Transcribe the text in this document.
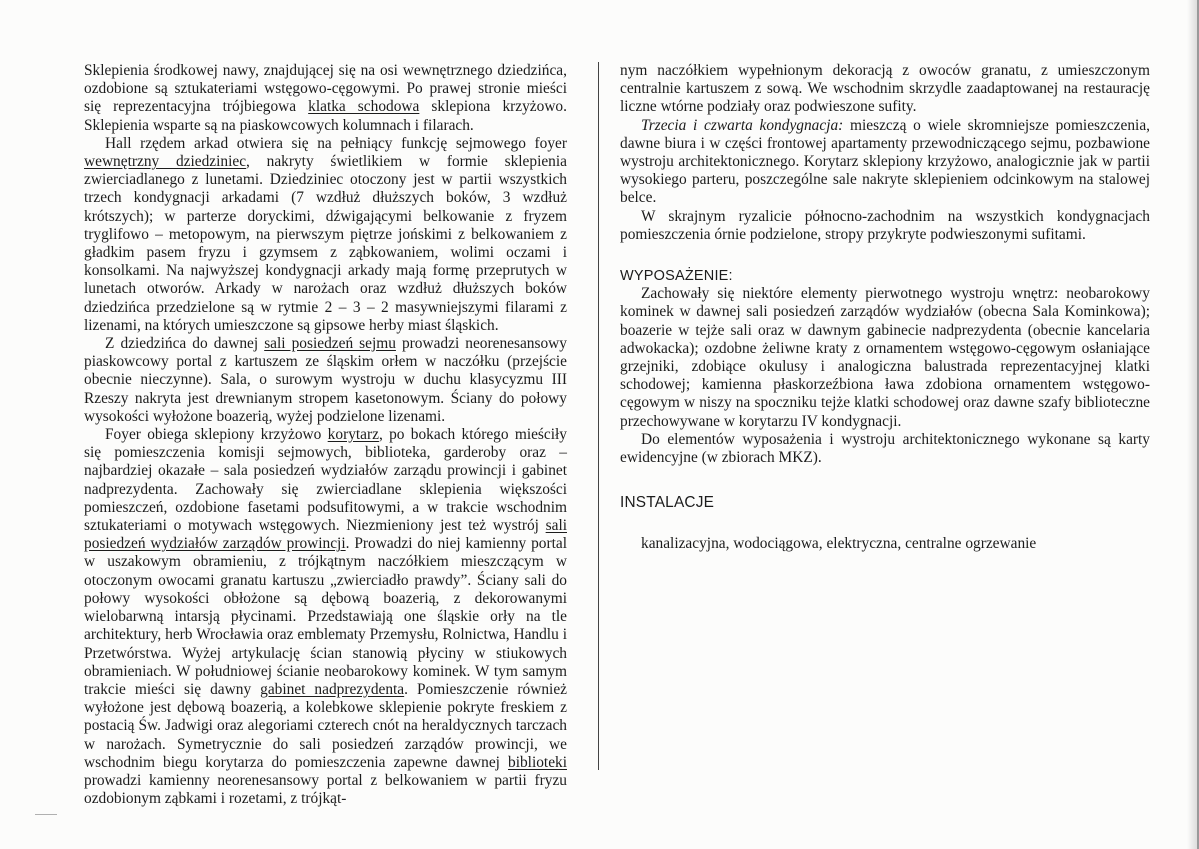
Sklepienia środkowej nawy, znajdującej się na osi wewnętrznego dziedzińca, ozdobione są sztukateriami wstęgowo-cęgowymi. Po prawej stronie mieści się reprezentacyjna trójbiegowa klatka schodowa sklepiona krzyżowo. Sklepienia wsparte są na piaskowcowych kolumnach i filarach.

Hall rzędem arkad otwiera się na pełniący funkcję sejmowego foyer wewnętrzny dziedziniec, nakryty świetlikiem w formie sklepienia zwierciadlanego z lunetami. Dziedziniec otoczony jest w partii wszystkich trzech kondygnacji arkadami (7 wzdłuż dłuższych boków, 3 wzdłuż krótszych); w parterze doryckimi, dźwigającymi belkowanie z fryzem tryglifowo – metopowym, na pierwszym piętrze jońskimi z belkowaniem z gładkim pasem fryzu i gzymsem z ząbkowaniem, wolimi oczami i konsolkami. Na najwyższej kondygnacji arkady mają formę przeprutych w lunetach otworów. Arkady w narożach oraz wzdłuż dłuższych boków dziedzińca przedzielone są w rytmie 2 – 3 – 2 masywniejszymi filarami z lizenami, na których umieszczone są gipsowe herby miast śląskich.

Z dziedzińca do dawnej sali posiedzeń sejmu prowadzi neorenesansowy piaskowcowy portal z kartuszem ze śląskim orłem w naczółku (przejście obecnie nieczynne). Sala, o surowym wystroju w duchu klasycyzmu III Rzeszy nakryta jest drewnianym stropem kasetonowym. Ściany do połowy wysokości wyłożone boazerią, wyżej podzielone lizenami.

Foyer obiega sklepiony krzyżowo korytarz, po bokach którego mieściły się pomieszczenia komisji sejmowych, biblioteka, garderoby oraz – najbardziej okazałe – sala posiedzeń wydziałów zarządu prowincji i gabinet nadprezydenta. Zachowały się zwierciadlane sklepienia większości pomieszczeń, ozdobione fasetami podsufitowymi, a w trakcie wschodnim sztukateriami o motywach wstęgowych. Niezmieniony jest też wystrój sali posiedzeń wydziałów zarządów prowincji. Prowadzi do niej kamienny portal w uszakowym obramieniu, z trójkątnym naczółkiem mieszczącym w otoczonym owocami granatu kartuszu „zwierciadło prawdy”. Ściany sali do połowy wysokości obłożone są dębową boazerią, z dekorowanymi wielobarwną intarsją płycinami. Przedstawiają one śląskie orły na tle architektury, herb Wrocławia oraz emblematy Przemysłu, Rolnictwa, Handlu i Przetwórstwa. Wyżej artykulację ścian stanowią płyciny w stiukowych obramieniach. W południowej ścianie neobarokowy kominek. W tym samym trakcie mieści się dawny gabinet nadprezydenta. Pomieszczenie również wyłożone jest dębową boazerią, a kolebkowe sklepienie pokryte freskiem z postacią Św. Jadwigi oraz alegoriami czterech cnót na heraldycznych tarczach w narożach. Symetrycznie do sali posiedzeń zarządów prowincji, we wschodnim biegu korytarza do pomieszczenia zapewne dawnej biblioteki prowadzi kamienny neorenesansowy portal z belkowaniem w partii fryzu ozdobionym ząbkami i rozetami, z trójkąt-

nym naczółkiem wypełnionym dekoracją z owoców granatu, z umieszczonym centralnie kartuszem z sową. We wschodnim skrzydle zaadaptowanej na restaurację liczne wtórne podziały oraz podwieszone sufity.

Trzecia i czwarta kondygnacja: mieszczą o wiele skromniejsze pomieszczenia, dawne biura i w części frontowej apartamenty przewodniczącego sejmu, pozbawione wystroju architektonicznego. Korytarz sklepiony krzyżowo, analogicznie jak w partii wysokiego parteru, poszczególne sale nakryte sklepieniem odcinkowym na stalowej belce.

W skrajnym ryzalicie północno-zachodnim na wszystkich kondygnacjach pomieszczenia órnie podzielone, stropy przykryte podwieszonymi sufitami.

WYPOSAŻENIE:

Zachowały się niektóre elementy pierwotnego wystroju wnętrz: neobarokowy kominek w dawnej sali posiedzeń zarządów wydziałów (obecna Sala Kominkowa); boazerie w tejże sali oraz w dawnym gabinecie nadprezydenta (obecnie kancelaria adwokacka); ozdobne żeliwne kraty z ornamentem wstęgowo-cęgowym osłaniające grzejniki, zdobiące okulusy i analogiczna balustrada reprezentacyjnej klatki schodowej; kamienna płaskorzeźbiona ława zdobiona ornamentem wstęgowo-cęgowym w niszy na spoczniku tejże klatki schodowej oraz dawne szafy biblioteczne przechowywane w korytarzu IV kondygnacji.

Do elementów wyposażenia i wystroju architektonicznego wykonane są karty ewidencyjne (w zbiorach MKZ).

INSTALACJE

kanalizacyjna, wodociągowa, elektryczna, centralne ogrzewanie
